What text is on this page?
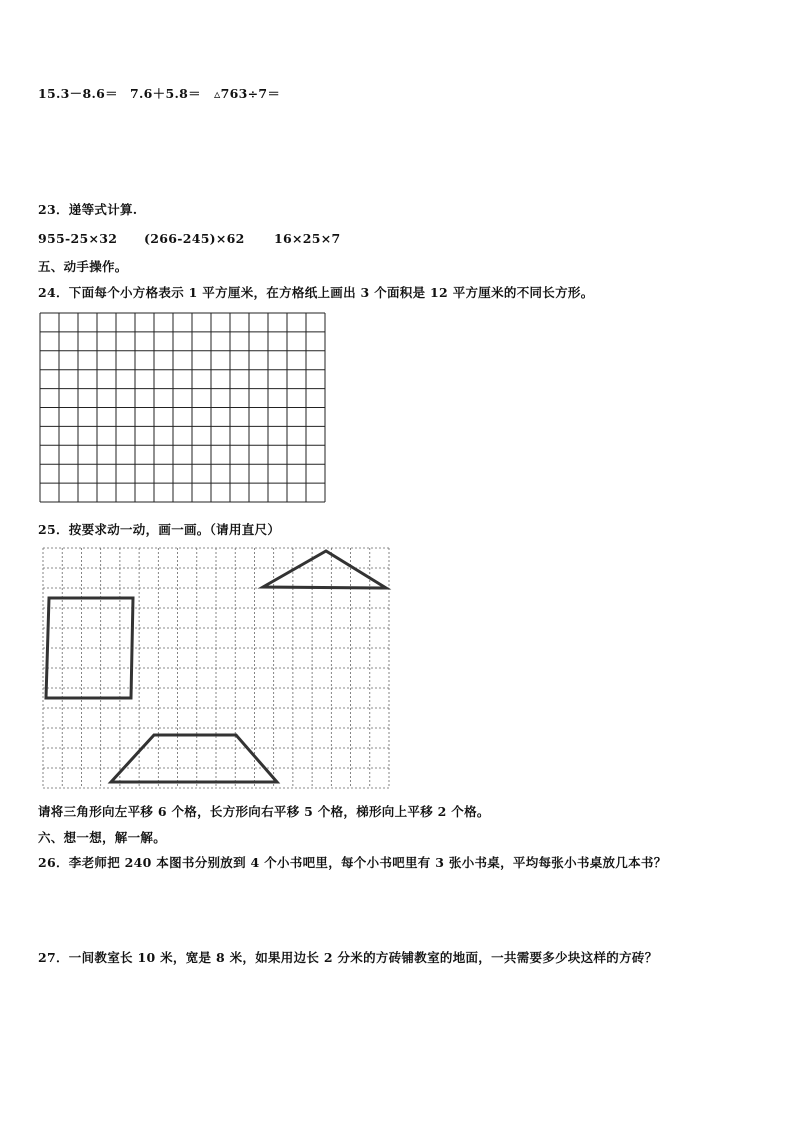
15.3－8.6＝ 7.6＋5.8＝	▵763÷7＝
23．递等式计算.
955-25×32	(266-245)×62	16×25×7
五、动手操作。
24．下面每个小方格表示 1 平方厘米，在方格纸上画出 3 个面积是 12 平方厘米的不同长方形。
25．按要求动一动，画一画。（请用直尺）
请将三角形向左平移 6 个格，长方形向右平移 5 个格，梯形向上平移 2 个格。
六、想一想，解一解。
26．李老师把 240 本图书分别放到 4 个小书吧里，每个小书吧里有 3 张小书桌，平均每张小书桌放几本书？
27．一间教室长 10 米，宽是 8 米，如果用边长 2 分米的方砖铺教室的地面，一共需要多少块这样的方砖？
